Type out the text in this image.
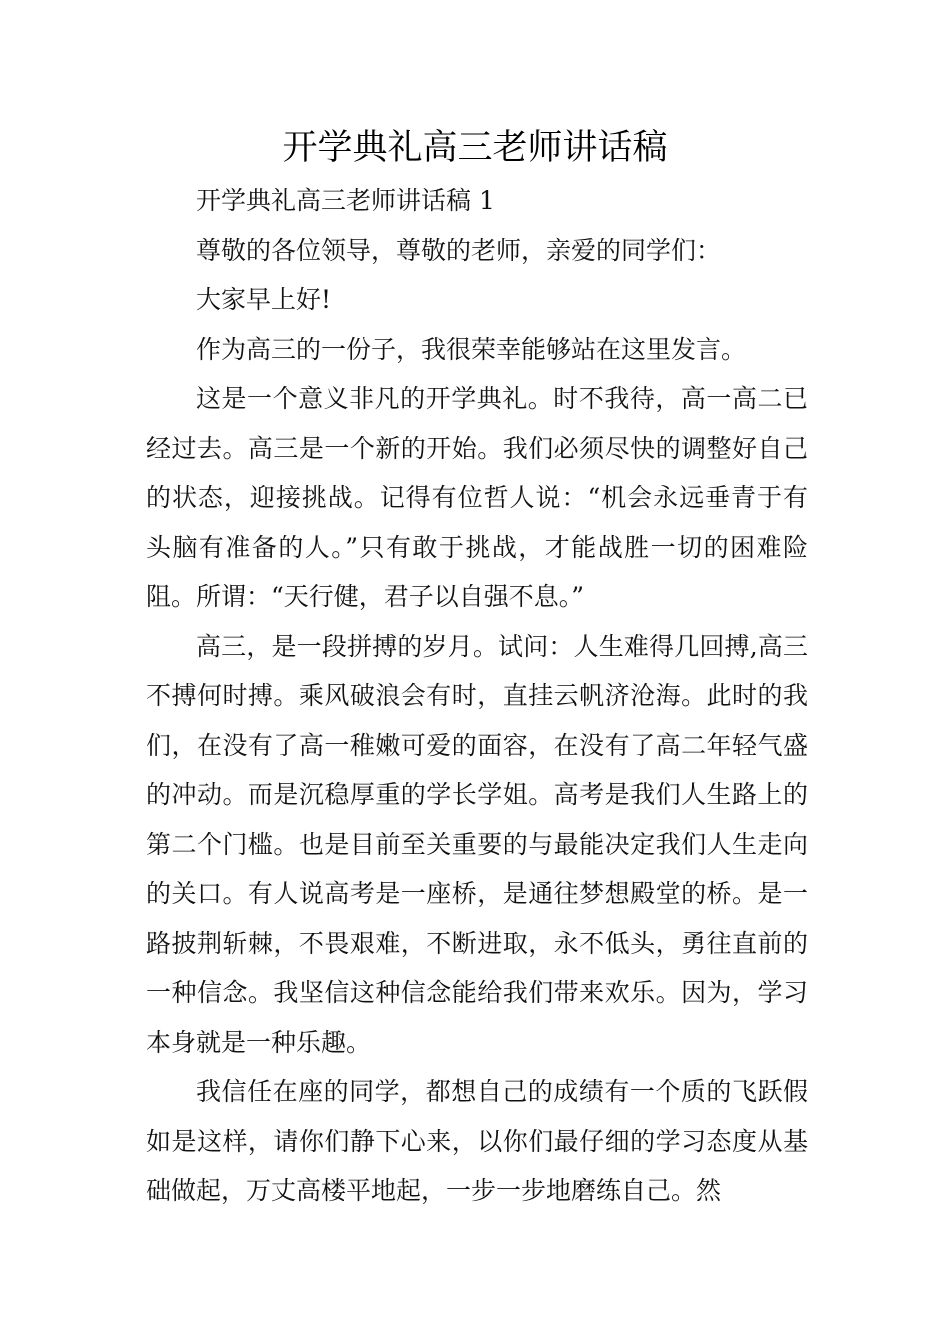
开学典礼高三老师讲话稿

开学典礼高三老师讲话稿 1

尊敬的各位领导，尊敬的老师，亲爱的同学们：

大家早上好!

作为高三的一份子，我很荣幸能够站在这里发言。

这是一个意义非凡的开学典礼。时不我待，高一高二已经过去。高三是一个新的开始。我们必须尽快的调整好自己的状态，迎接挑战。记得有位哲人说：“机会永远垂青于有头脑有准备的人。”只有敢于挑战，才能战胜一切的困难险阻。所谓：“天行健，君子以自强不息。”

高三，是一段拼搏的岁月。试问：人生难得几回搏,高三不搏何时搏。乘风破浪会有时，直挂云帆济沧海。此时的我们，在没有了高一稚嫩可爱的面容，在没有了高二年轻气盛的冲动。而是沉稳厚重的学长学姐。高考是我们人生路上的第二个门槛。也是目前至关重要的与最能决定我们人生走向的关口。有人说高考是一座桥，是通往梦想殿堂的桥。是一路披荆斩棘，不畏艰难，不断进取，永不低头，勇往直前的一种信念。我坚信这种信念能给我们带来欢乐。因为，学习本身就是一种乐趣。

我信任在座的同学，都想自己的成绩有一个质的飞跃假如是这样，请你们静下心来，以你们最仔细的学习态度从基础做起，万丈高楼平地起，一步一步地磨练自己。然
